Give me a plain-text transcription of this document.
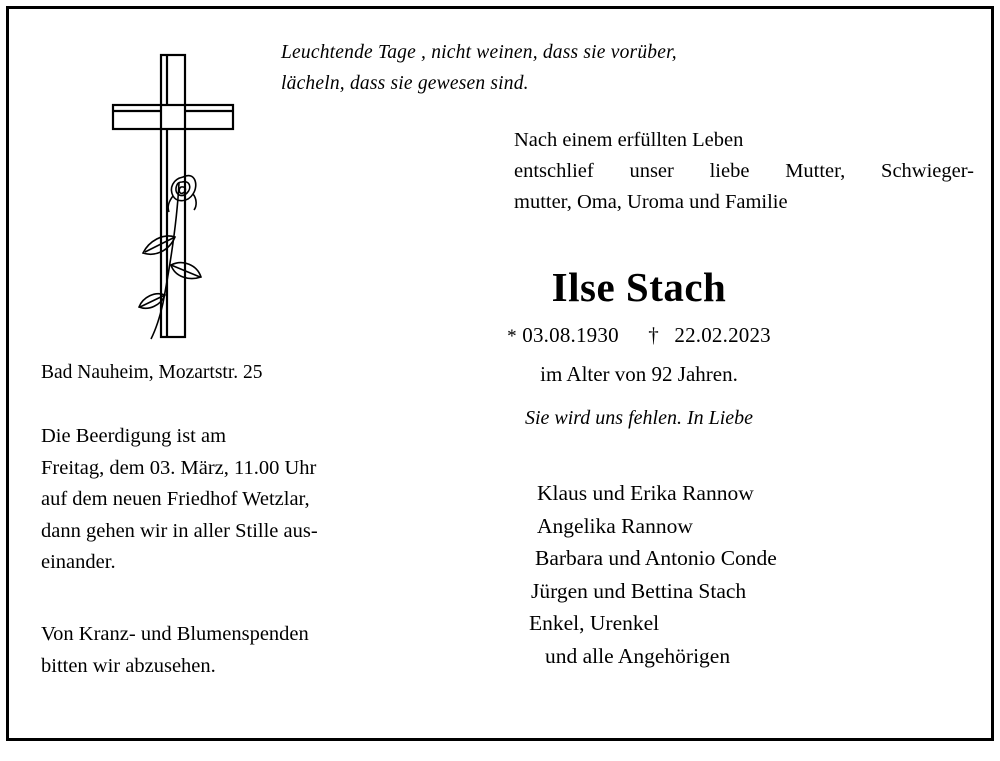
Leuchtende Tage , nicht weinen, dass sie vorüber,
lächeln, dass sie gewesen sind.
Nach einem erfüllten Leben
entschlief unser liebe Mutter, Schwieger-
mutter, Oma, Uroma und Familie
Ilse Stach
* 03.08.1930 † 22.02.2023
im Alter von 92 Jahren.
Sie wird uns fehlen. In Liebe
Klaus und Erika Rannow
Angelika Rannow
Barbara und Antonio Conde
Jürgen und Bettina Stach
Enkel, Urenkel
und alle Angehörigen
Bad Nauheim, Mozartstr. 25
Die Beerdigung ist am
Freitag, dem 03. März, 11.00 Uhr
auf dem neuen Friedhof Wetzlar,
dann gehen wir in aller Stille aus-
einander.
Von Kranz- und Blumenspenden
bitten wir abzusehen.
